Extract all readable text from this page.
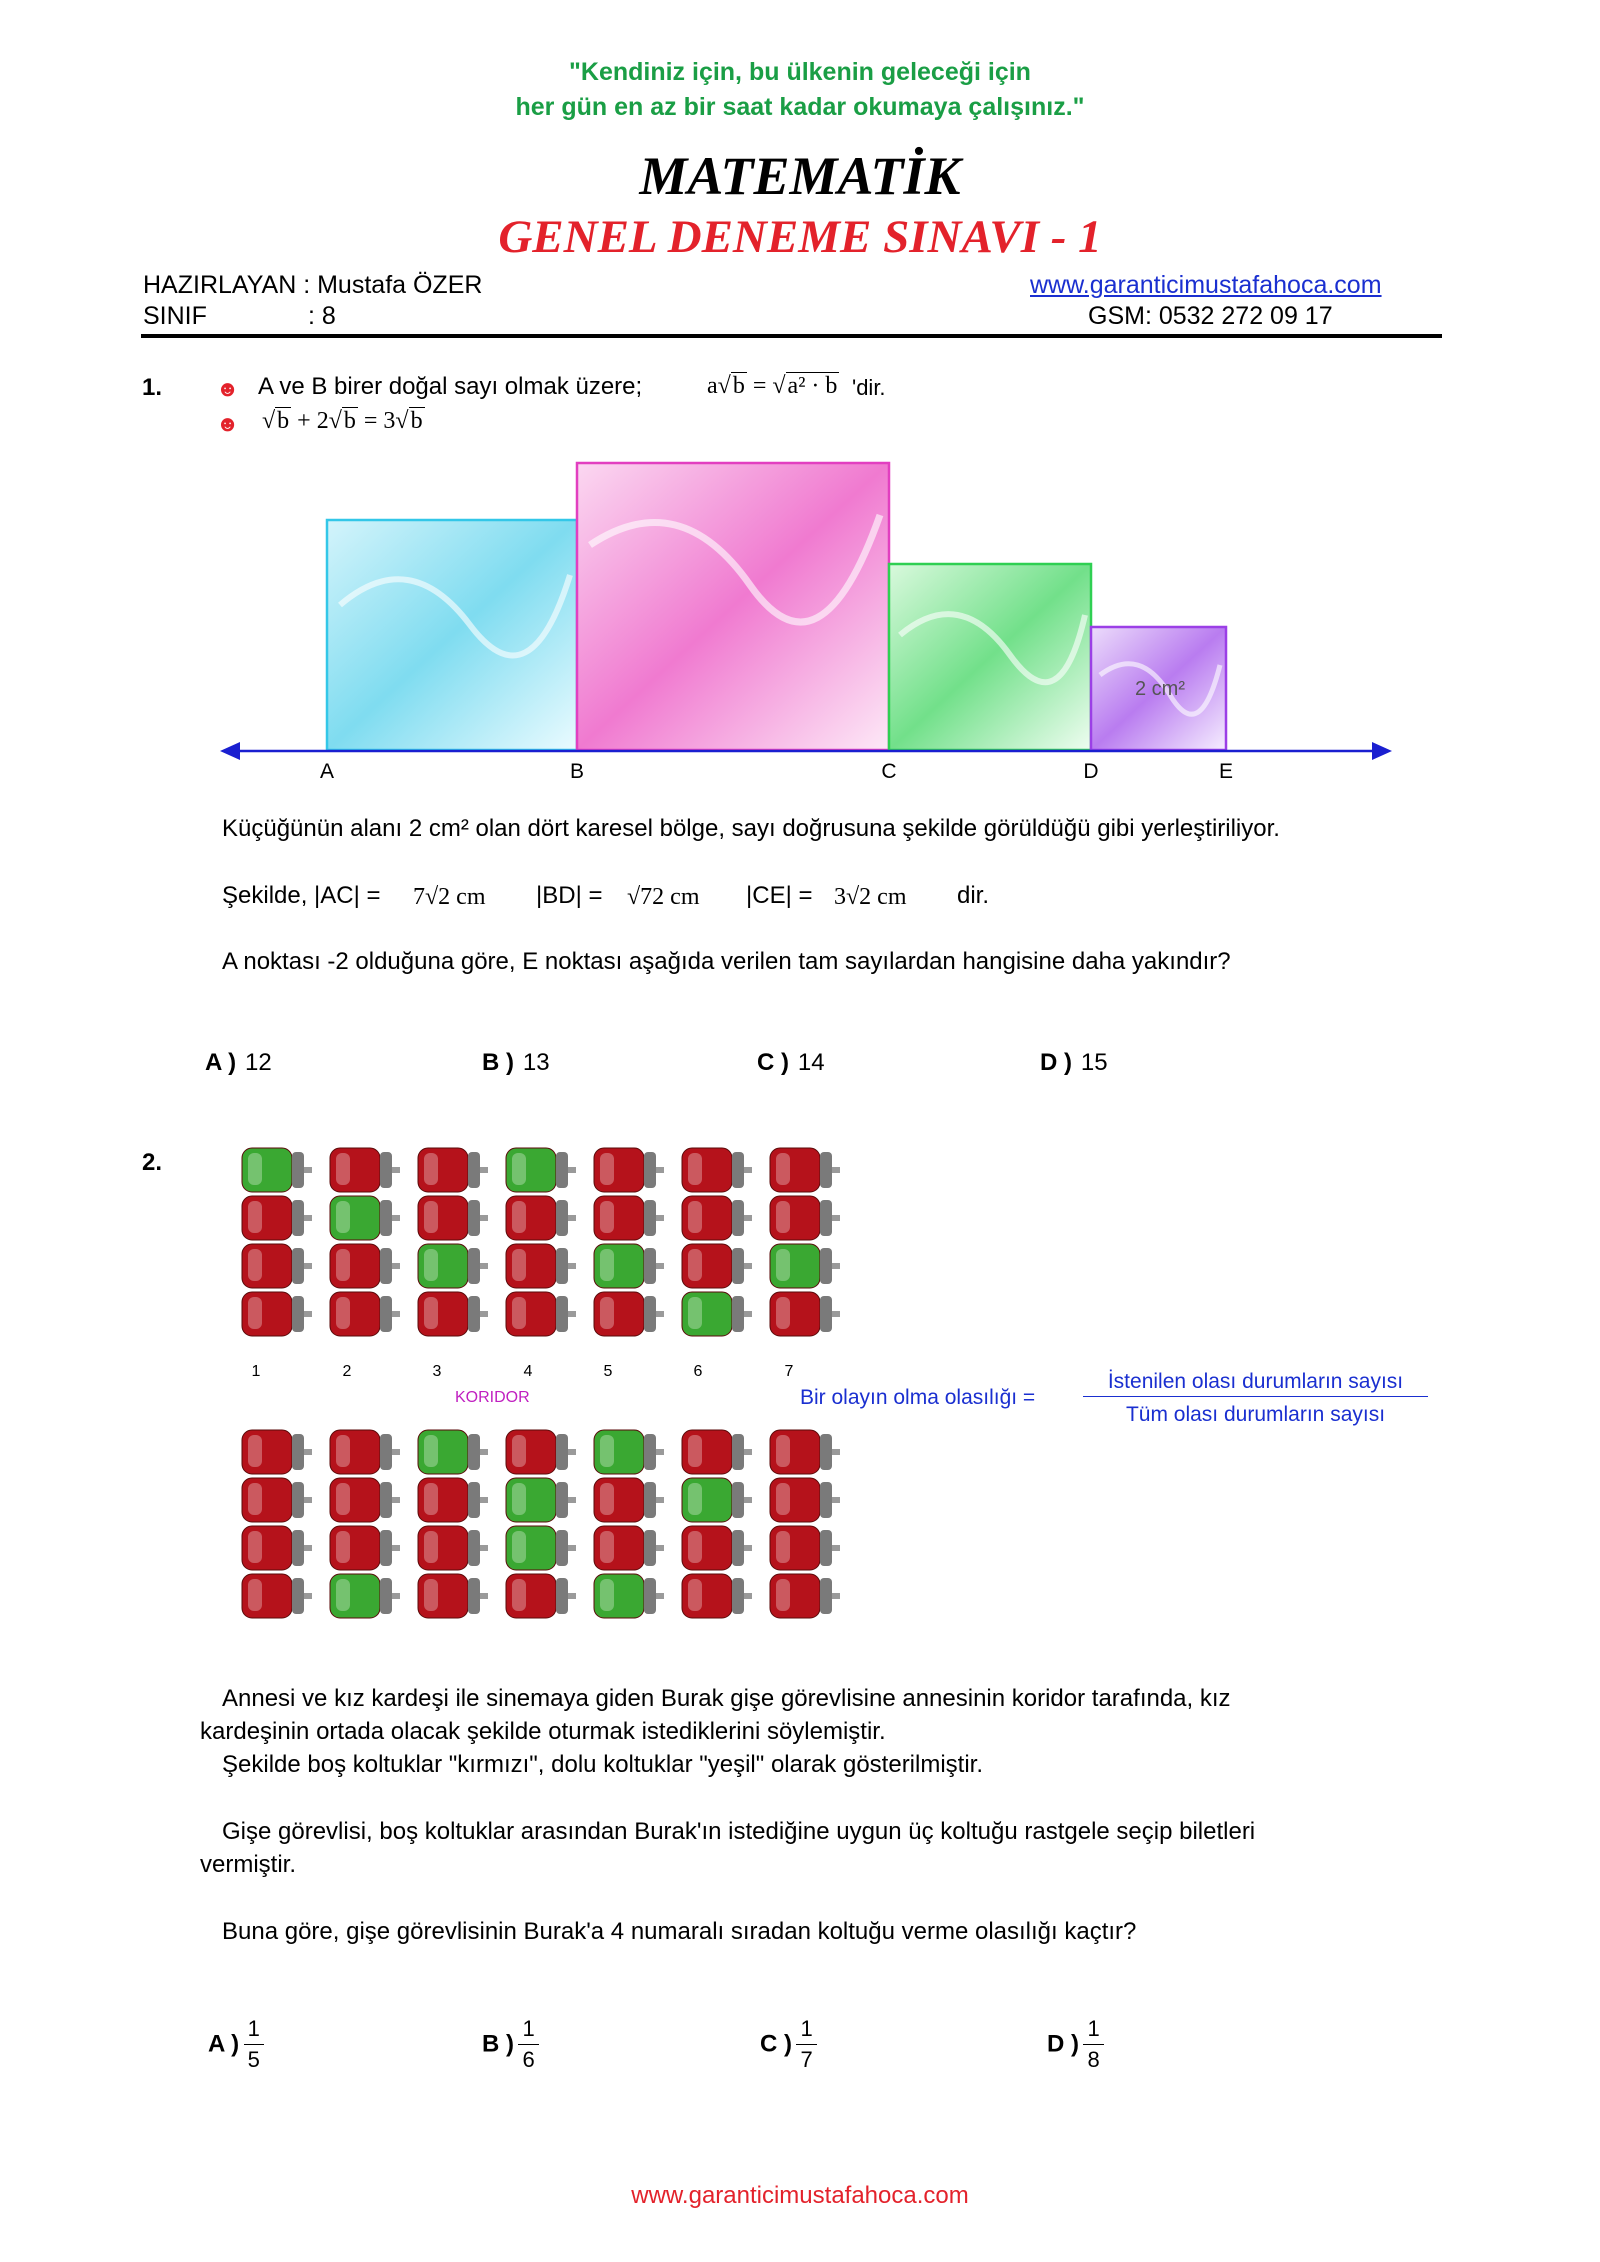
"Kendiniz için, bu ülkenin geleceği için
her gün en az bir saat kadar okumaya çalışınız."
MATEMATİK
GENEL DENEME SINAVI - 1
HAZIRLAYAN : Mustafa ÖZER
SINIF	: 8
www.garanticimustafahoca.com
GSM: 0532 272 09 17
1. ☻ A ve B birer doğal sayı olmak üzere;	a√b = √a² · b 'dir.
☻ √b + 2√b = 3√b
2 cm²
A	B	C	D	E
Küçüğünün alanı 2 cm² olan dört karesel bölge, sayı doğrusuna şekilde görüldüğü gibi yerleştiriliyor.
Şekilde, |AC| = 7√2 cm |BD| = √72 cm |CE| = 3√2 cm dir.
A noktası -2 olduğuna göre, E noktası aşağıda verilen tam sayılardan hangisine daha yakındır?
A ) 12	B ) 13	C ) 14	D ) 15
2.
1	2	3	4	5	6	7
KORIDOR	Bir olayın olma olasılığı =
İstenilen olası durumların sayısı
Tüm olası durumların sayısı
Annesi ve kız kardeşi ile sinemaya giden Burak gişe görevlisine annesinin koridor tarafında, kız
kardeşinin ortada olacak şekilde oturmak istediklerini söylemiştir.
Şekilde boş koltuklar "kırmızı", dolu koltuklar "yeşil" olarak gösterilmiştir.
Gişe görevlisi, boş koltuklar arasından Burak'ın istediğine uygun üç koltuğu rastgele seçip biletleri
vermiştir.
Buna göre, gişe görevlisinin Burak'a 4 numaralı sıradan koltuğu verme olasılığı kaçtır?
A ) $\frac{1}{5}$	B ) $\frac{1}{6}$	C ) $\frac{1}{7}$	D ) $\frac{1}{8}$
www.garanticimustafahoca.com
